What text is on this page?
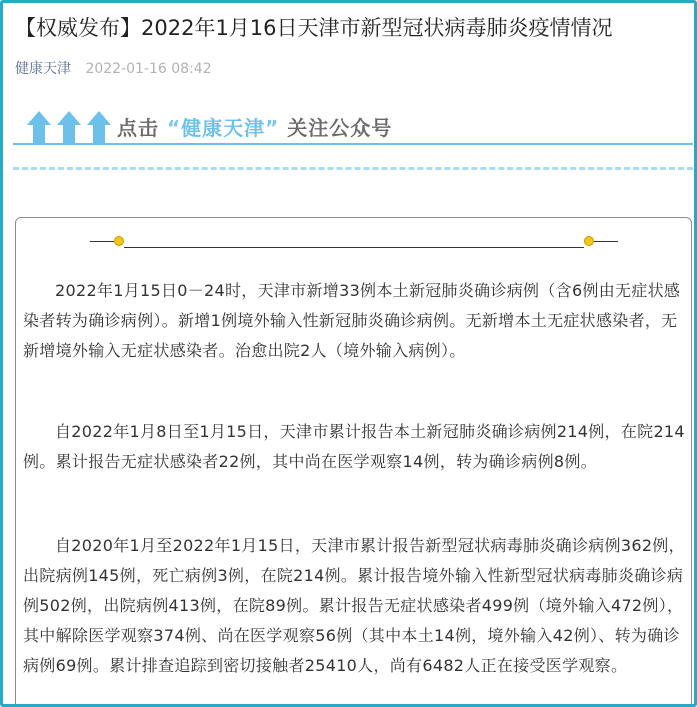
【权威发布】2022年1月16日天津市新型冠状病毒肺炎疫情情况
健康天津 2022-01-16 08:42
点击 “健康天津” 关注公众号

2022年1月15日0－24时，天津市新增33例本土新冠肺炎确诊病例（含6例由无症状感染者转为确诊病例）。新增1例境外输入性新冠肺炎确诊病例。无新增本土无症状感染者，无新增境外输入无症状感染者。治愈出院2人（境外输入病例）。

自2022年1月8日至1月15日，天津市累计报告本土新冠肺炎确诊病例214例，在院214例。累计报告无症状感染者22例，其中尚在医学观察14例，转为确诊病例8例。

自2020年1月至2022年1月15日，天津市累计报告新型冠状病毒肺炎确诊病例362例，出院病例145例，死亡病例3例，在院214例。累计报告境外输入性新型冠状病毒肺炎确诊病例502例，出院病例413例，在院89例。累计报告无症状感染者499例（境外输入472例），其中解除医学观察374例、尚在医学观察56例（其中本土14例，境外输入42例）、转为确诊病例69例。累计排查追踪到密切接触者25410人，尚有6482人正在接受医学观察。
